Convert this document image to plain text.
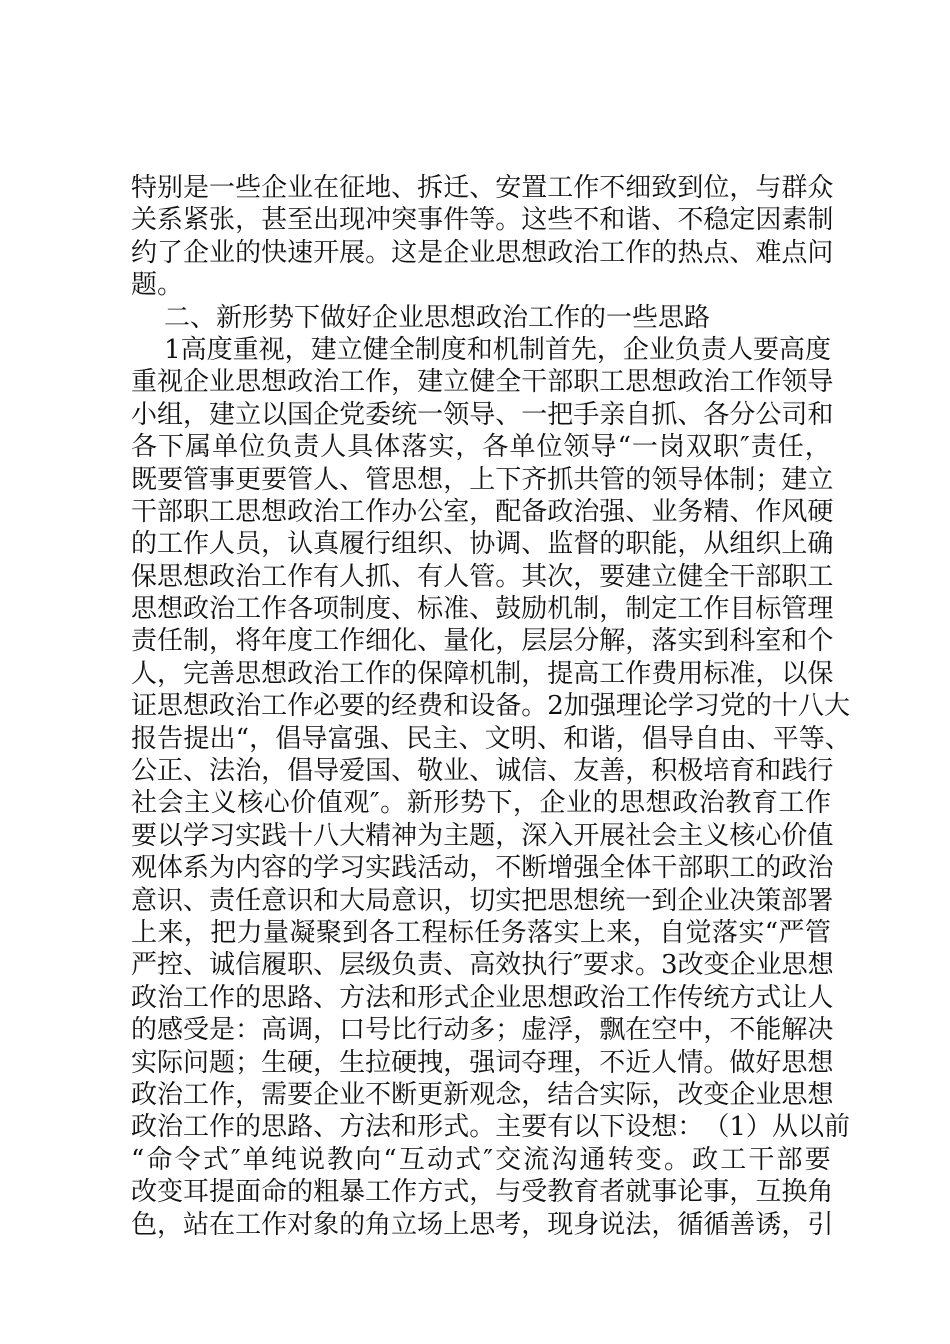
特 别 是 一 些 企 业 在 征 地 、 拆 迁 、 安 置 工 作 不 细 致 到 位 ， 与 群 众
关 系 紧 张 ， 甚 至 出 现 冲 突 事 件 等 。 这 些 不 和 谐 、 不 稳 定 因 素 制
约 了 企 业 的 快 速 开 展 。 这 是 企 业 思 想 政 治 工 作 的 热 点 、 难 点 问
题。
二、新形势下做好企业思想政治工作的一些思路

1 高 度 重 视 ， 建 立 健 全 制 度 和 机 制 首 先 ， 企 业 负 责 人 要 高 度
重 视 企 业 思 想 政 治 工 作 ， 建 立 健 全 干 部 职 工 思 想 政 治 工 作 领 导
小 组 ， 建 立 以 国 企 党 委 统 一 领 导 、 一 把 手 亲 自 抓 、 各 分 公 司 和
各 下 属 单 位 负 责 人 具 体 落 实 ， 各 单 位 领 导 “ 一 岗 双 职 ″ 责 任 ，
既 要 管 事 更 要 管 人 、 管 思 想 ， 上 下 齐 抓 共 管 的 领 导 体 制 ； 建 立
干 部 职 工 思 想 政 治 工 作 办 公 室 ， 配 备 政 治 强 、 业 务 精 、 作 风 硬
的 工 作 人 员 ， 认 真 履 行 组 织 、 协 调 、 监 督 的 职 能 ， 从 组 织 上 确
保 思 想 政 治 工 作 有 人 抓 、 有 人 管 。 其 次 ， 要 建 立 健 全 干 部 职 工
思 想 政 治 工 作 各 项 制 度 、 标 准 、 鼓 励 机 制 ， 制 定 工 作 目 标 管 理
责 任 制 ， 将 年 度 工 作 细 化 、 量 化 ， 层 层 分 解 ， 落 实 到 科 室 和 个
人 ， 完 善 思 想 政 治 工 作 的 保 障 机 制 ， 提 高 工 作 费 用 标 准 ， 以 保
证 思 想 政 治 工 作 必 要 的 经 费 和 设 备 。 2 加 强 理 论 学 习 党 的 十 八 大
报 告 提 出 “ ， 倡 导 富 强 、 民 主 、 文 明 、 和 谐 ， 倡 导 自 由 、 平 等 、
公 正 、 法 治 ， 倡 导 爱 国 、 敬 业 、 诚 信 、 友 善 ， 积 极 培 育 和 践 行
社 会 主 义 核 心 价 值 观 ″ 。 新 形 势 下 ， 企 业 的 思 想 政 治 教 育 工 作
要 以 学 习 实 践 十 八 大 精 神 为 主 题 ， 深 入 开 展 社 会 主 义 核 心 价 值
观 体 系 为 内 容 的 学 习 实 践 活 动 ， 不 断 增 强 全 体 干 部 职 工 的 政 治
意 识 、 责 任 意 识 和 大 局 意 识 ， 切 实 把 思 想 统 一 到 企 业 决 策 部 署
上 来 ， 把 力 量 凝 聚 到 各 工 程 标 任 务 落 实 上 来 ， 自 觉 落 实 “ 严 管
严 控 、 诚 信 履 职 、 层 级 负 责 、 高 效 执 行 ″ 要 求 。 3 改 变 企 业 思 想
政 治 工 作 的 思 路 、 方 法 和 形 式 企 业 思 想 政 治 工 作 传 统 方 式 让 人
的 感 受 是 ： 高 调 ， 口 号 比 行 动 多 ； 虚 浮 ， 飘 在 空 中 ， 不 能 解 决
实 际 问 题 ； 生 硬 ， 生 拉 硬 拽 ， 强 词 夺 理 ， 不 近 人 情 。 做 好 思 想
政 治 工 作 ， 需 要 企 业 不 断 更 新 观 念 ， 结 合 实 际 ， 改 变 企 业 思 想
政 治 工 作 的 思 路 、 方 法 和 形 式 。 主 要 有 以 下 设 想 ： （ 1 ） 从 以 前
“ 命 令 式 ″ 单 纯 说 教 向 “ 互 动 式 ″ 交 流 沟 通 转 变 。 政 工 干 部 要
改 变 耳 提 面 命 的 粗 暴 工 作 方 式 ， 与 受 教 育 者 就 事 论 事 ， 互 换 角
色 ， 站 在 工 作 对 象 的 角 立 场 上 思 考 ， 现 身 说 法 ， 循 循 善 诱 ， 引
